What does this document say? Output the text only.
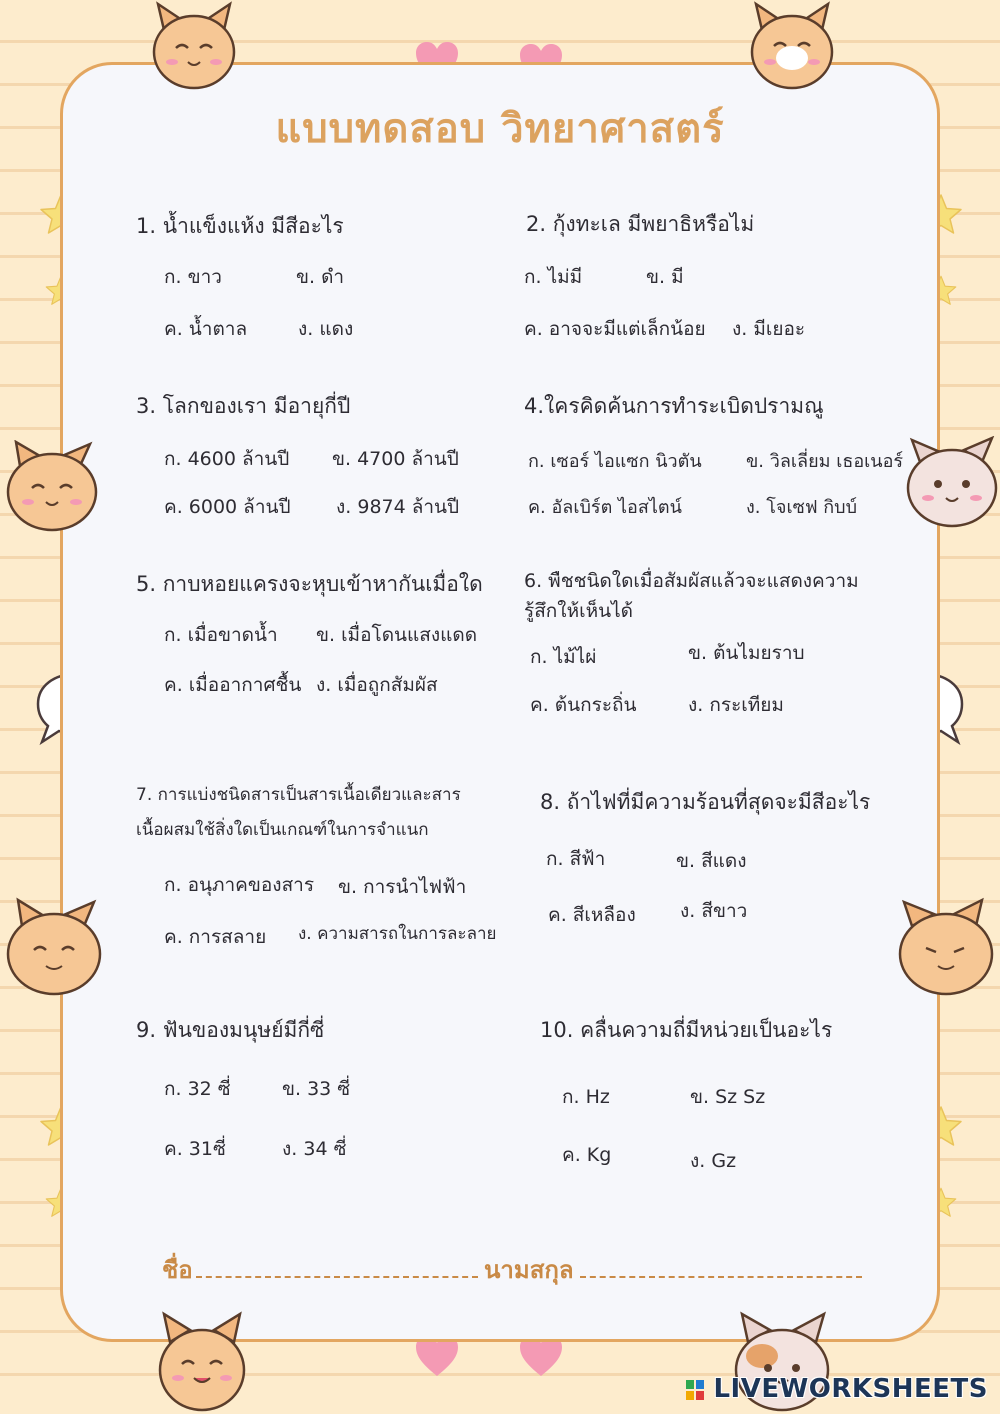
แบบทดสอบ วิทยาศาสตร์
1. น้ำแข็งแห้ง มีสีอะไร
ก. ขาว	ข. ดำ
ค. น้ำตาล	ง. แดง
2. กุ้งทะเล มีพยาธิหรือไม่
ก. ไม่มี	ข. มี
ค. อาจจะมีแต่เล็กน้อย ง. มีเยอะ
3. โลกของเรา มีอายุกี่ปี
ก. 4600 ล้านปี ข. 4700 ล้านปี
ค. 6000 ล้านปี ง. 9874 ล้านปี
4.ใครคิดค้นการทำระเบิดปรามณู
ก. เซอร์ ไอแซก นิวตัน ข. วิลเลี่ยม เธอเนอร์
ค. อัลเบิร์ต ไอสไตน์	ง. โจเซฟ กิบบ์
5. กาบหอยแครงจะหุบเข้าหากันเมื่อใด
ก. เมื่อขาดน้ำ ข. เมื่อโดนแสงแดด
ค. เมื่ออากาศชื้น ง. เมื่อถูกสัมผัส
6. พืชชนิดใดเมื่อสัมผัสแล้วจะแสดงความรู้สึกให้เห็นได้
ก. ไม้ไผ่	ข. ต้นไมยราบ
ค. ต้นกระถิ่น	ง. กระเทียม
7. การแบ่งชนิดสารเป็นสารเนื้อเดียวและสารเนื้อผสมใช้สิ่งใดเป็นเกณฑ์ในการจำแนก
ก. อนุภาคของสาร ข. การนำไฟฟ้า
ค. การสลาย ง. ความสารถในการละลาย
8. ถ้าไฟที่มีความร้อนที่สุดจะมีสีอะไร
ก. สีฟ้า	ข. สีแดง
ค. สีเหลือง ง. สีขาว
9. ฟันของมนุษย์มีกี่ซี่
ก. 32 ซี่	ข. 33 ซี่
ค. 31ซี่	ง. 34 ซี่
10. คลื่นความถี่มีหน่วยเป็นอะไร
ก. Hz	ข. Sz Sz
ค. Kg	ง. Gz
ชื่อ	นามสกุล
LIVEWORKSHEETS
